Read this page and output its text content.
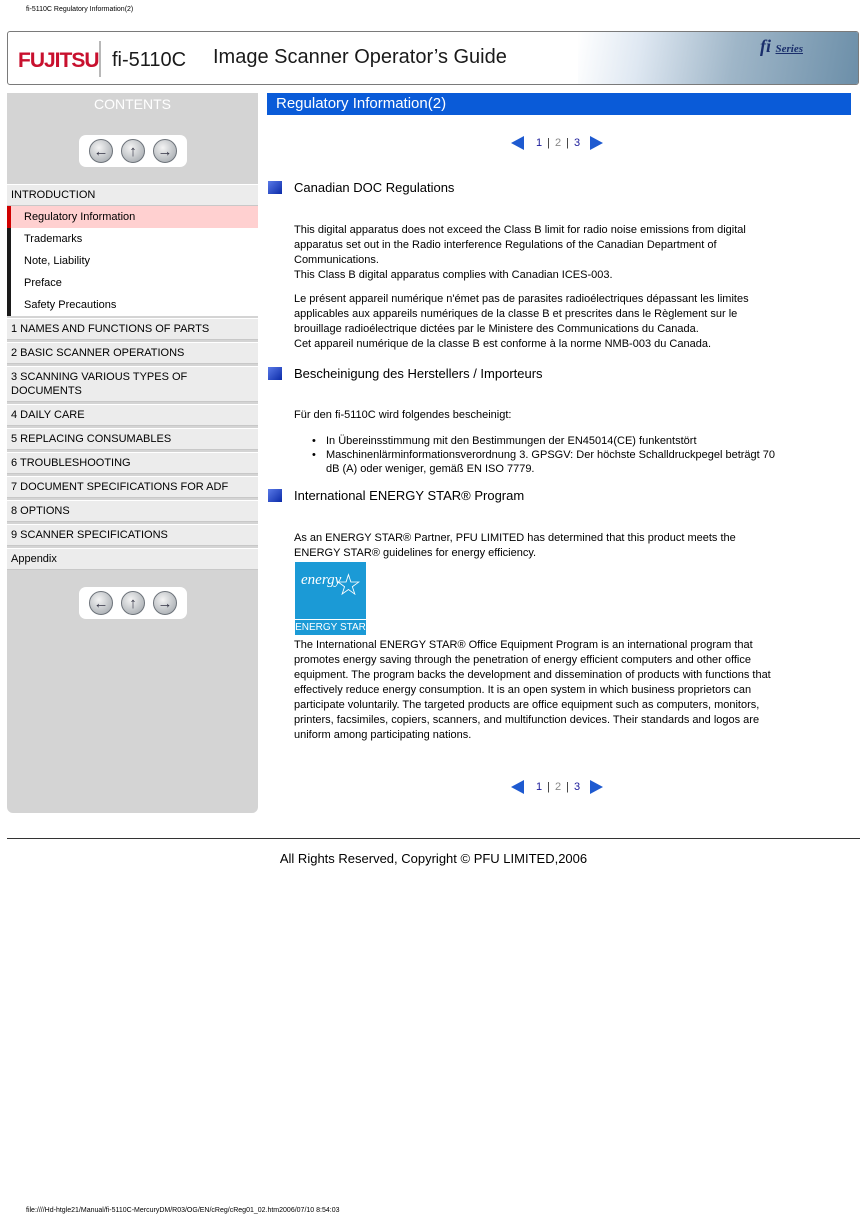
fi-5110C Regulatory Information(2)
FUJITSU fi-5110C Image Scanner Operator’s Guide	fi Series
CONTENTS
←	↑	→
INTRODUCTION
Regulatory Information
Trademarks
Note, Liability
Preface
Safety Precautions
1 NAMES AND FUNCTIONS OF PARTS
2 BASIC SCANNER OPERATIONS
3 SCANNING VARIOUS TYPES OF DOCUMENTS
4 DAILY CARE
5 REPLACING CONSUMABLES
6 TROUBLESHOOTING
7 DOCUMENT SPECIFICATIONS FOR ADF
8 OPTIONS
9 SCANNER SPECIFICATIONS
Appendix
←	↑	→
Regulatory Information(2)
1 | 2 | 3
Canadian DOC Regulations

This digital apparatus does not exceed the Class B limit for radio noise emissions from digital apparatus set out in the Radio interference Regulations of the Canadian Department of Communications.

This Class B digital apparatus complies with Canadian ICES-003.

Le présent appareil numérique n'émet pas de parasites radioélectriques dépassant les limites applicables aux appareils numériques de la classe B et prescrites dans le Règlement sur le brouillage radioélectrique dictées par le Ministere des Communications du Canada.

Cet appareil numérique de la classe B est conforme à la norme NMB-003 du Canada.

Bescheinigung des Herstellers / Importeurs
Für den fi-5110C wird folgendes bescheinigt:
• In Übereinsstimmung mit den Bestimmungen der EN45014(CE) funkentstört
• Maschinenlärminformationsverordnung 3. GPSGV: Der höchste Schalldruckpegel beträgt 70 dB (A) oder weniger, gemäß EN ISO 7779.
International ENERGY STAR® Program
As an ENERGY STAR® Partner, PFU LIMITED has determined that this product meets the ENERGY STAR® guidelines for energy efficiency.
energy
☆
ENERGY STAR
The International ENERGY STAR® Office Equipment Program is an international program that promotes energy saving through the penetration of energy efficient computers and other office equipment. The program backs the development and dissemination of products with functions that effectively reduce energy consumption. It is an open system in which business proprietors can participate voluntarily. The targeted products are office equipment such as computers, monitors, printers, facsimiles, copiers, scanners, and multifunction devices. Their standards and logos are uniform among participating nations.
1 | 2 | 3
All Rights Reserved, Copyright © PFU LIMITED,2006
file:////Hd-htgle21/Manual/fi-5110C-MercuryDM/R03/OG/EN/cReg/cReg01_02.htm2006/07/10 8:54:03
